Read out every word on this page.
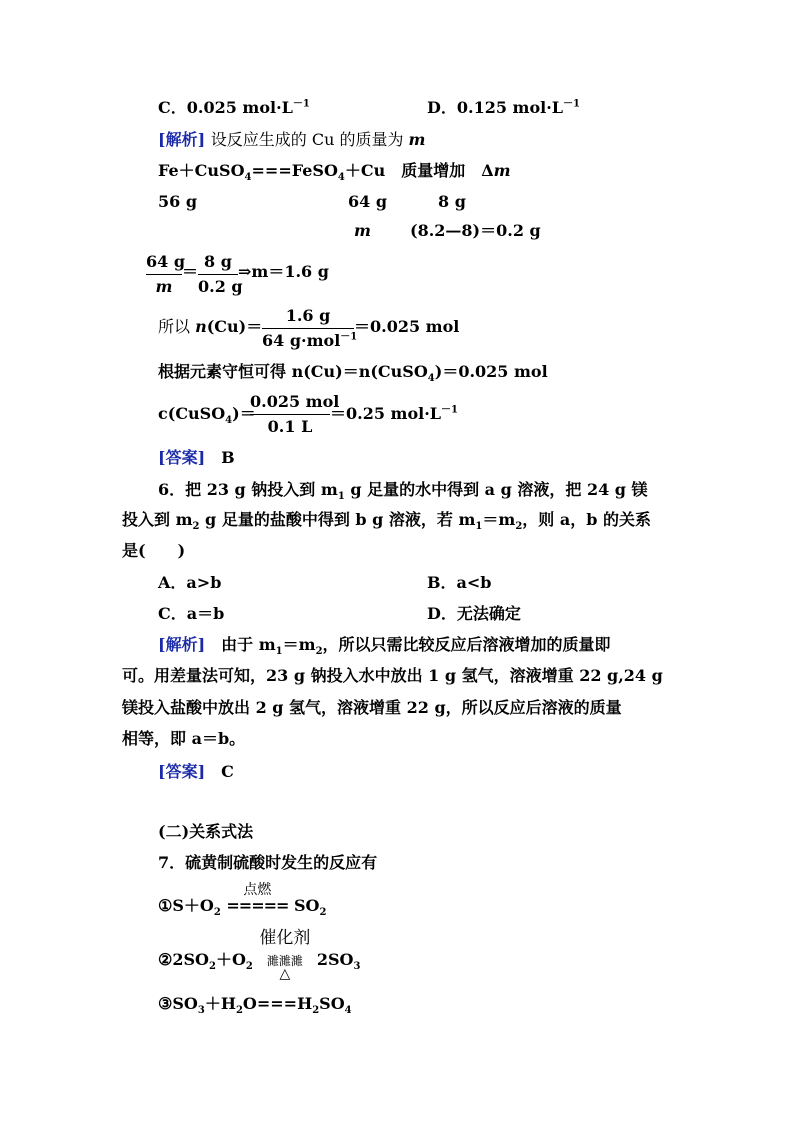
C．0.025 $mol\cdot L^{-1}$	D．0.125 $mol\cdot L^{-1}$
[解析] 设反应生成的 Cu 的质量为 m
Fe＋CuSO$_4$===FeSO$_4$＋Cu　质量增加　Δm
56 g	64 g	8 g
m (8.2—8)＝0.2 g
64 g
m
＝
8 g
0.2 g
⇒m＝1.6 g
所以 n(Cu)＝
1.6 g
64 g·mol$^{-1}$
＝0.025 mol
根据元素守恒可得 n(Cu)＝n(CuSO$_4$)＝0.025 mol
c(CuSO$_4$)＝
0.025 mol
0.1 L
＝0.25 $mol\cdot L^{-1}$
[答案]　 B
6．把 23 g 钠投入到 $m_1$ g 足量的水中得到 a g 溶液，把 24 g 镁
投入到 $m_2$ g 足量的盐酸中得到 b g 溶液，若 $m_1=m_2$，则 a，b 的关系
是(　　)
A．a>b	B．a<b
C．a＝b	D．无法确定
[解析]　由于 $m_1=m_2$，所以只需比较反应后溶液增加的质量即
可。用差量法可知，23 g 钠投入水中放出 1 g 氢气，溶液增重 22 g,24 g
镁投入盐酸中放出 2 g 氢气，溶液增重 22 g，所以反应后溶液的质量
相等，即 a＝b。
[答案]　 C
(二)关系式法
7．硫黄制硫酸时发生的反应有
$①S+O_2$
点燃
===== $SO_2$
$②2SO_2+O_2$
催化剂
濉濉濉
△
$2SO_3$
$③SO_3+H_2O===H_2SO_4$
